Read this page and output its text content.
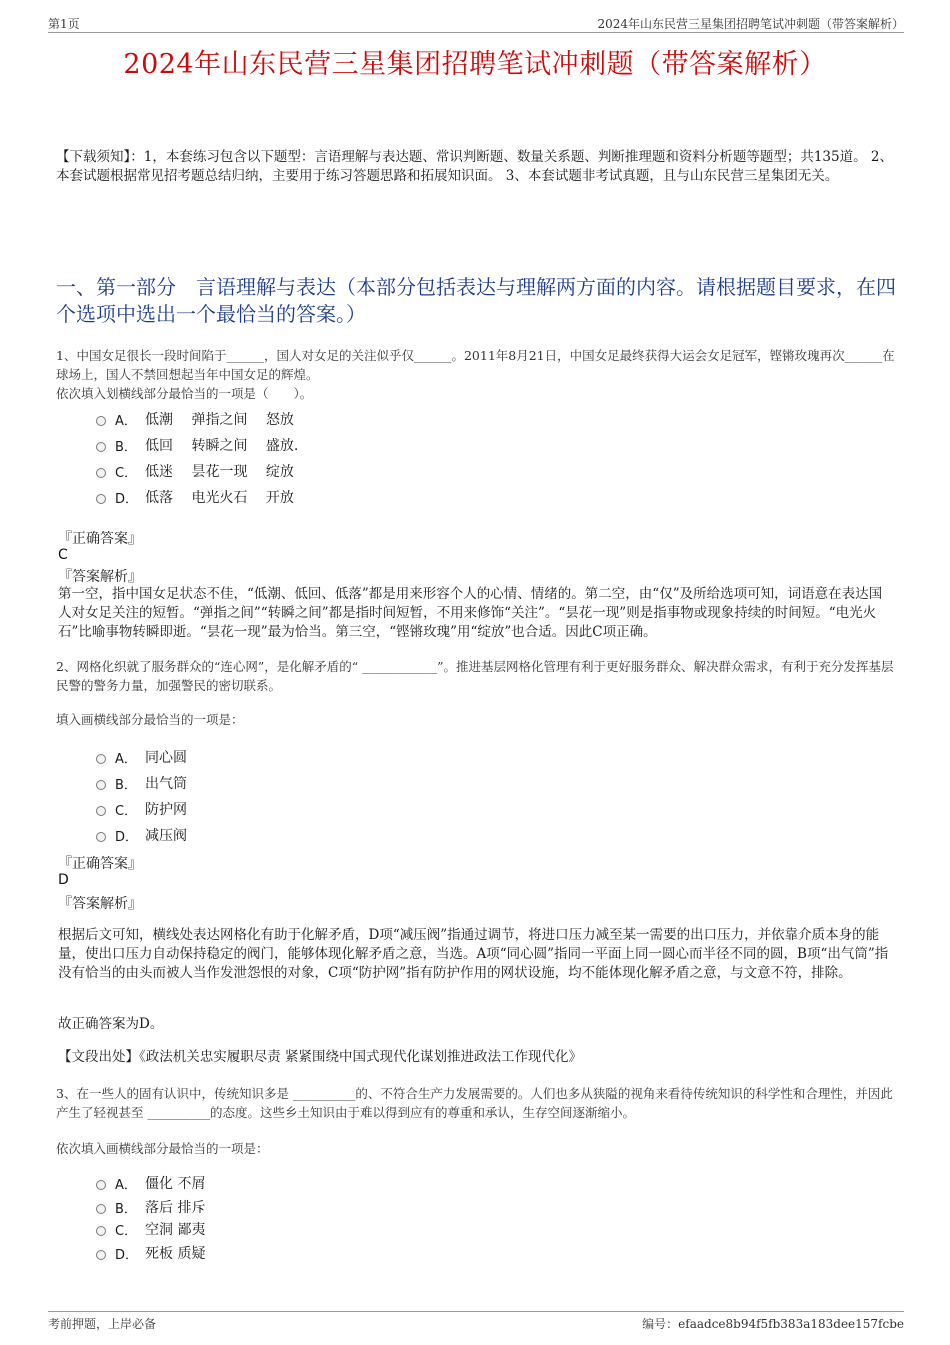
第1页	2024年山东民营三星集团招聘笔试冲刺题（带答案解析）
2024年山东民营三星集团招聘笔试冲刺题（带答案解析）
【下载须知】：1，本套练习包含以下题型：言语理解与表达题、常识判断题、数量关系题、判断推理题和资料分析题等题型；共135道。 2、本套试题根据常见招考题总结归纳，主要用于练习答题思路和拓展知识面。 3、本套试题非考试真题，且与山东民营三星集团无关。
一、第一部分　言语理解与表达（本部分包括表达与理解两方面的内容。请根据题目要求，在四个选项中选出一个最恰当的答案。）
1、中国女足很长一段时间陷于______，国人对女足的关注似乎仅______。2011年8月21日，中国女足最终获得大运会女足冠军，铿锵玫瑰再次______在球场上，国人不禁回想起当年中国女足的辉煌。
依次填入划横线部分最恰当的一项是（　　）。
A． 低潮　 弹指之间　 怒放
B． 低回　 转瞬之间　 盛放.
C． 低迷　 昙花一现　 绽放
D． 低落　 电光火石　 开放
『正确答案』
C
『答案解析』
第一空，指中国女足状态不佳，“低潮、低回、低落”都是用来形容个人的心情、情绪的。第二空，由“仅”及所给选项可知，词语意在表达国人对女足关注的短暂。“弹指之间”“转瞬之间”都是指时间短暂，不用来修饰“关注”。“昙花一现”则是指事物或现象持续的时间短。“电光火石”比喻事物转瞬即逝。“昙花一现”最为恰当。第三空，“铿锵玫瑰”用“绽放”也合适。因此C项正确。
2、网格化织就了服务群众的“连心网”，是化解矛盾的“ ____________”。推进基层网格化管理有利于更好服务群众、解决群众需求，有利于充分发挥基层民警的警务力量，加强警民的密切联系。
填入画横线部分最恰当的一项是：
A． 同心圆
B． 出气筒
C． 防护网
D． 减压阀
『正确答案』
D
『答案解析』
根据后文可知，横线处表达网格化有助于化解矛盾，D项“减压阀”指通过调节，将进口压力减至某一需要的出口压力，并依靠介质本身的能量，使出口压力自动保持稳定的阀门，能够体现化解矛盾之意，当选。A项“同心圆”指同一平面上同一圆心而半径不同的圆，B项“出气筒”指没有恰当的由头而被人当作发泄怨恨的对象，C项“防护网”指有防护作用的网状设施，均不能体现化解矛盾之意，与文意不符，排除。
故正确答案为D。
【文段出处】《政法机关忠实履职尽责 紧紧围绕中国式现代化谋划推进政法工作现代化》
3、在一些人的固有认识中，传统知识多是 __________的、不符合生产力发展需要的。人们也多从狭隘的视角来看待传统知识的科学性和合理性，并因此产生了轻视甚至 __________的态度。这些乡土知识由于难以得到应有的尊重和承认，生存空间逐渐缩小。
依次填入画横线部分最恰当的一项是：
A． 僵化 不屑
B． 落后 排斥
C． 空洞 鄙夷
D． 死板 质疑
考前押题，上岸必备	编号：efaadce8b94f5fb383a183dee157fcbe
